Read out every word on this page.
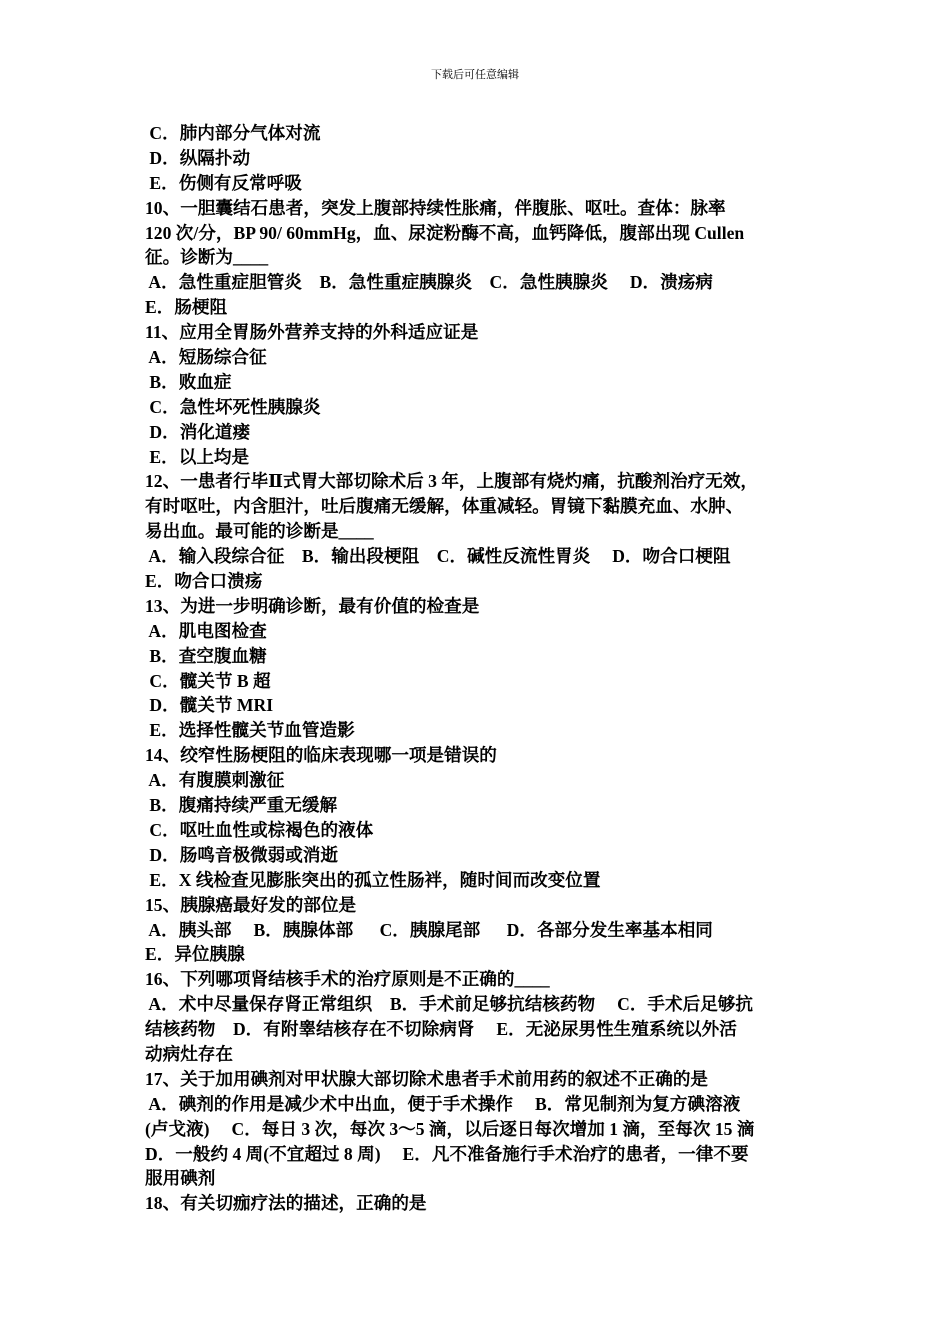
下载后可任意编辑
C．肺内部分气体对流
D．纵隔扑动
E．伤侧有反常呼吸
10、一胆囊结石患者，突发上腹部持续性胀痛，伴腹胀、呕吐。查体：脉率
120 次/分，BP 90/ 60mmHg，血、尿淀粉酶不高，血钙降低，腹部出现 Cullen
征。诊断为____
A．急性重症胆管炎    B．急性重症胰腺炎    C．急性胰腺炎     D．溃疡病
E．肠梗阻
11、应用全胃肠外营养支持的外科适应证是
A．短肠综合征
B．败血症
C．急性坏死性胰腺炎
D．消化道瘘
E．以上均是
12、一患者行毕Ⅱ式胃大部切除术后 3 年，上腹部有烧灼痛，抗酸剂治疗无效，
有时呕吐，内含胆汁，吐后腹痛无缓解，体重减轻。胃镜下黏膜充血、水肿、
易出血。最可能的诊断是____
A．输入段综合征    B．输出段梗阻    C．碱性反流性胃炎     D．吻合口梗阻
E．吻合口溃疡
13、为进一步明确诊断，最有价值的检查是
A．肌电图检查
B．查空腹血糖
C．髋关节 B 超
D．髋关节 MRI
E．选择性髋关节血管造影
14、绞窄性肠梗阻的临床表现哪一项是错误的
A．有腹膜刺激征
B．腹痛持续严重无缓解
C．呕吐血性或棕褐色的液体
D．肠鸣音极微弱或消逝
E．X 线检查见膨胀突出的孤立性肠袢，随时间而改变位置
15、胰腺癌最好发的部位是
A．胰头部     B．胰腺体部      C．胰腺尾部      D．各部分发生率基本相同
E．异位胰腺
16、下列哪项肾结核手术的治疗原则是不正确的____
A．术中尽量保存肾正常组织    B．手术前足够抗结核药物     C．手术后足够抗
结核药物    D．有附睾结核存在不切除病肾     E．无泌尿男性生殖系统以外活
动病灶存在
17、关于加用碘剂对甲状腺大部切除术患者手术前用药的叙述不正确的是
A．碘剂的作用是减少术中出血，便于手术操作     B．常见制剂为复方碘溶液
(卢戈液)     C．每日 3 次，每次 3～5 滴，以后逐日每次增加 1 滴，至每次 15 滴
D．一般约 4 周(不宜超过 8 周)     E．凡不准备施行手术治疗的患者，一律不要
服用碘剂
18、有关切痂疗法的描述，正确的是
